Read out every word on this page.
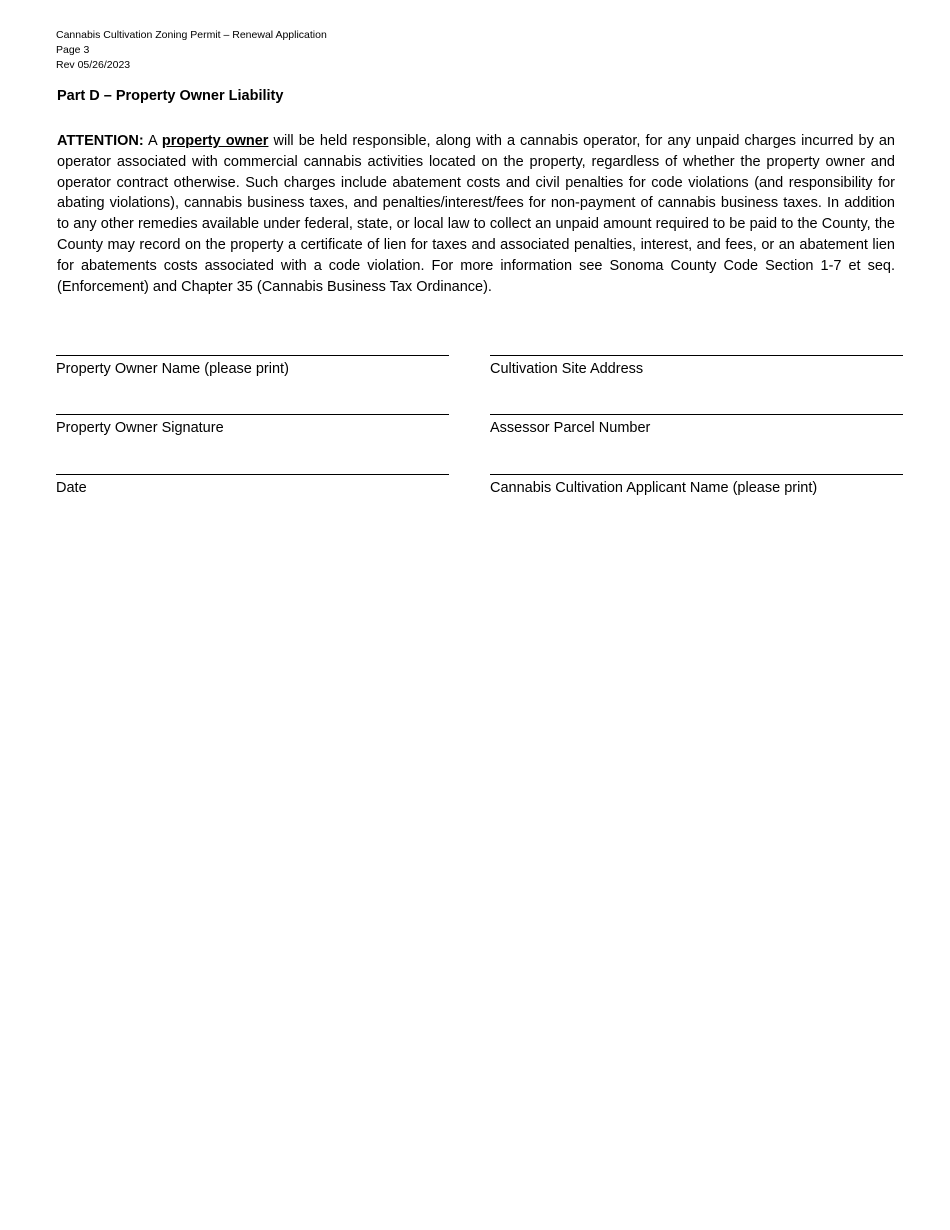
Cannabis Cultivation Zoning Permit – Renewal Application
Page 3
Rev 05/26/2023
Part D – Property Owner Liability
ATTENTION: A property owner will be held responsible, along with a cannabis operator, for any unpaid charges incurred by an operator associated with commercial cannabis activities located on the property, regardless of whether the property owner and operator contract otherwise. Such charges include abatement costs and civil penalties for code violations (and responsibility for abating violations), cannabis business taxes, and penalties/interest/fees for non-payment of cannabis business taxes. In addition to any other remedies available under federal, state, or local law to collect an unpaid amount required to be paid to the County, the County may record on the property a certificate of lien for taxes and associated penalties, interest, and fees, or an abatement lien for abatements costs associated with a code violation. For more information see Sonoma County Code Section 1-7 et seq. (Enforcement) and Chapter 35 (Cannabis Business Tax Ordinance).
Property Owner Name (please print)	Cultivation Site Address
Property Owner Signature	Assessor Parcel Number
Date	Cannabis Cultivation Applicant Name (please print)
